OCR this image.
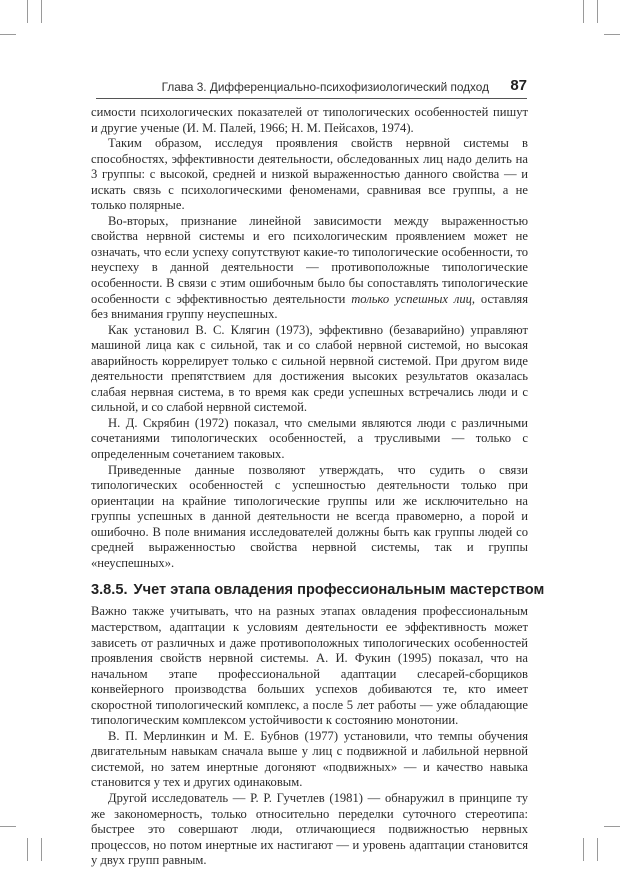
Глава 3. Дифференциально-психофизиологический подход 87

симости психологических показателей от типологических особенностей пишут и другие ученые (И. М. Палей, 1966; Н. М. Пейсахов, 1974).

Таким образом, исследуя проявления свойств нервной системы в способностях, эффективности деятельности, обследованных лиц надо делить на 3 группы: с высокой, средней и низкой выраженностью данного свойства — и искать связь с психологическими феноменами, сравнивая все группы, а не только полярные.

Во-вторых, признание линейной зависимости между выраженностью свойства нервной системы и его психологическим проявлением может не означать, что если успеху сопутствуют какие-то типологические особенности, то неуспеху в данной деятельности — противоположные типологические особенности. В связи с этим ошибочным было бы сопоставлять типологические особенности с эффективностью деятельности только успешных лиц, оставляя без внимания группу неуспешных.

Как установил В. С. Клягин (1973), эффективно (безаварийно) управляют машиной лица как с сильной, так и со слабой нервной системой, но высокая аварийность коррелирует только с сильной нервной системой. При другом виде деятельности препятствием для достижения высоких результатов оказалась слабая нервная система, в то время как среди успешных встречались люди и с сильной, и со слабой нервной системой.

Н. Д. Скрябин (1972) показал, что смелыми являются люди с различными сочетаниями типологических особенностей, а трусливыми — только с определенным сочетанием таковых.

Приведенные данные позволяют утверждать, что судить о связи типологических особенностей с успешностью деятельности только при ориентации на крайние типологические группы или же исключительно на группы успешных в данной деятельности не всегда правомерно, а порой и ошибочно. В поле внимания исследователей должны быть как группы людей со средней выраженностью свойства нервной системы, так и группы «неуспешных».

3.8.5. Учет этапа овладения профессиональным мастерством

Важно также учитывать, что на разных этапах овладения профессиональным мастерством, адаптации к условиям деятельности ее эффективность может зависеть от различных и даже противоположных типологических особенностей проявления свойств нервной системы. А. И. Фукин (1995) показал, что на начальном этапе профессиональной адаптации слесарей-сборщиков конвейерного производства больших успехов добиваются те, кто имеет скоростной типологический комплекс, а после 5 лет работы — уже обладающие типологическим комплексом устойчивости к состоянию монотонии.

В. П. Мерлинкин и М. Е. Бубнов (1977) установили, что темпы обучения двигательным навыкам сначала выше у лиц с подвижной и лабильной нервной системой, но затем инертные догоняют «подвижных» — и качество навыка становится у тех и других одинаковым.

Другой исследователь — Р. Р. Гучетлев (1981) — обнаружил в принципе ту же закономерность, только относительно переделки суточного стереотипа: быстрее это совершают люди, отличающиеся подвижностью нервных процессов, но потом инертные их настигают — и уровень адаптации становится у двух групп равным.
